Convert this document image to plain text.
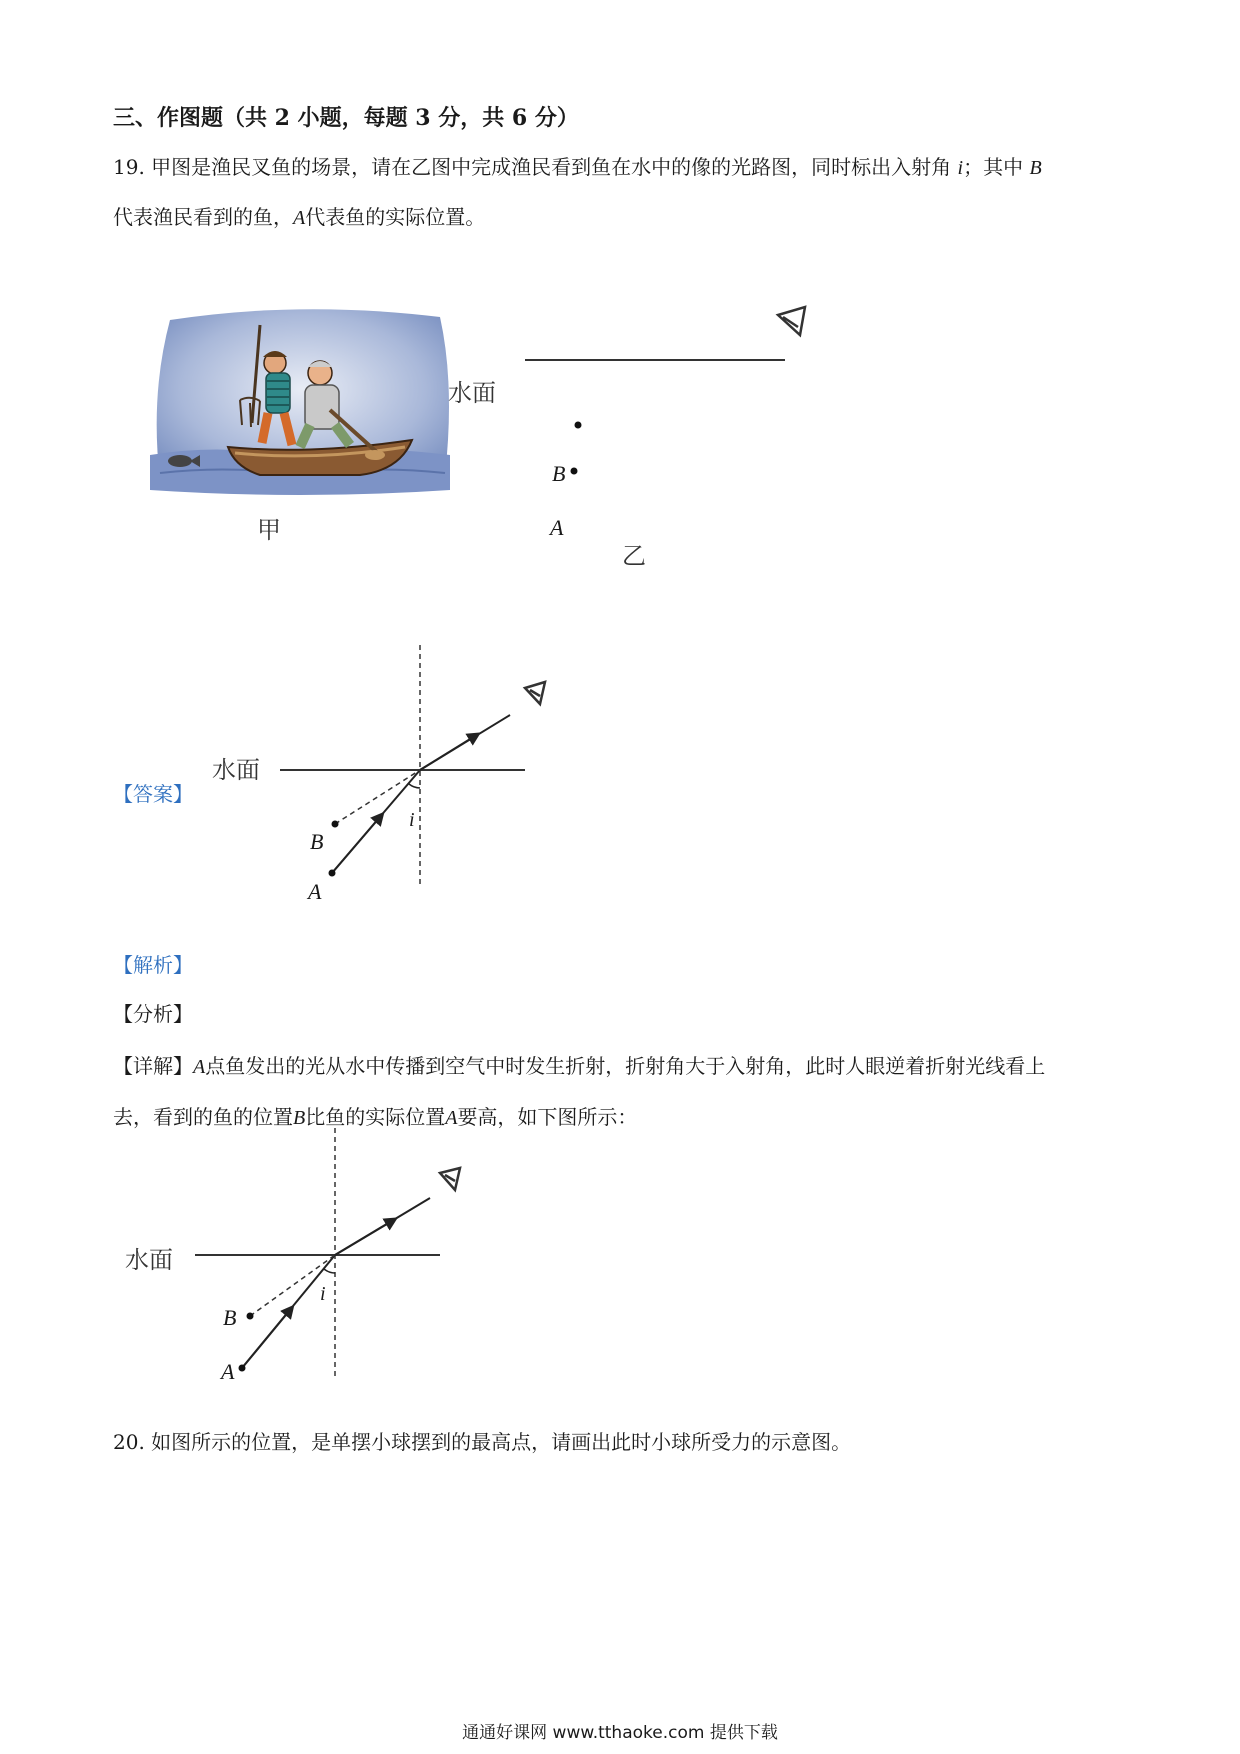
三、作图题（共 2 小题，每题 3 分，共 6 分）
19. 甲图是渔民叉鱼的场景，请在乙图中完成渔民看到鱼在水中的像的光路图，同时标出入射角 i；其中 B
代表渔民看到的鱼，A代表鱼的实际位置。
甲
水面
B
A
乙
【答案】
水面
B
A
i
【解析】
【分析】
【详解】A点鱼发出的光从水中传播到空气中时发生折射，折射角大于入射角，此时人眼逆着折射光线看上
去，看到的鱼的位置B比鱼的实际位置A要高，如下图所示：
水面
B
A
i
20. 如图所示的位置，是单摆小球摆到的最高点，请画出此时小球所受力的示意图。
通通好课网 www.tthaoke.com 提供下载
